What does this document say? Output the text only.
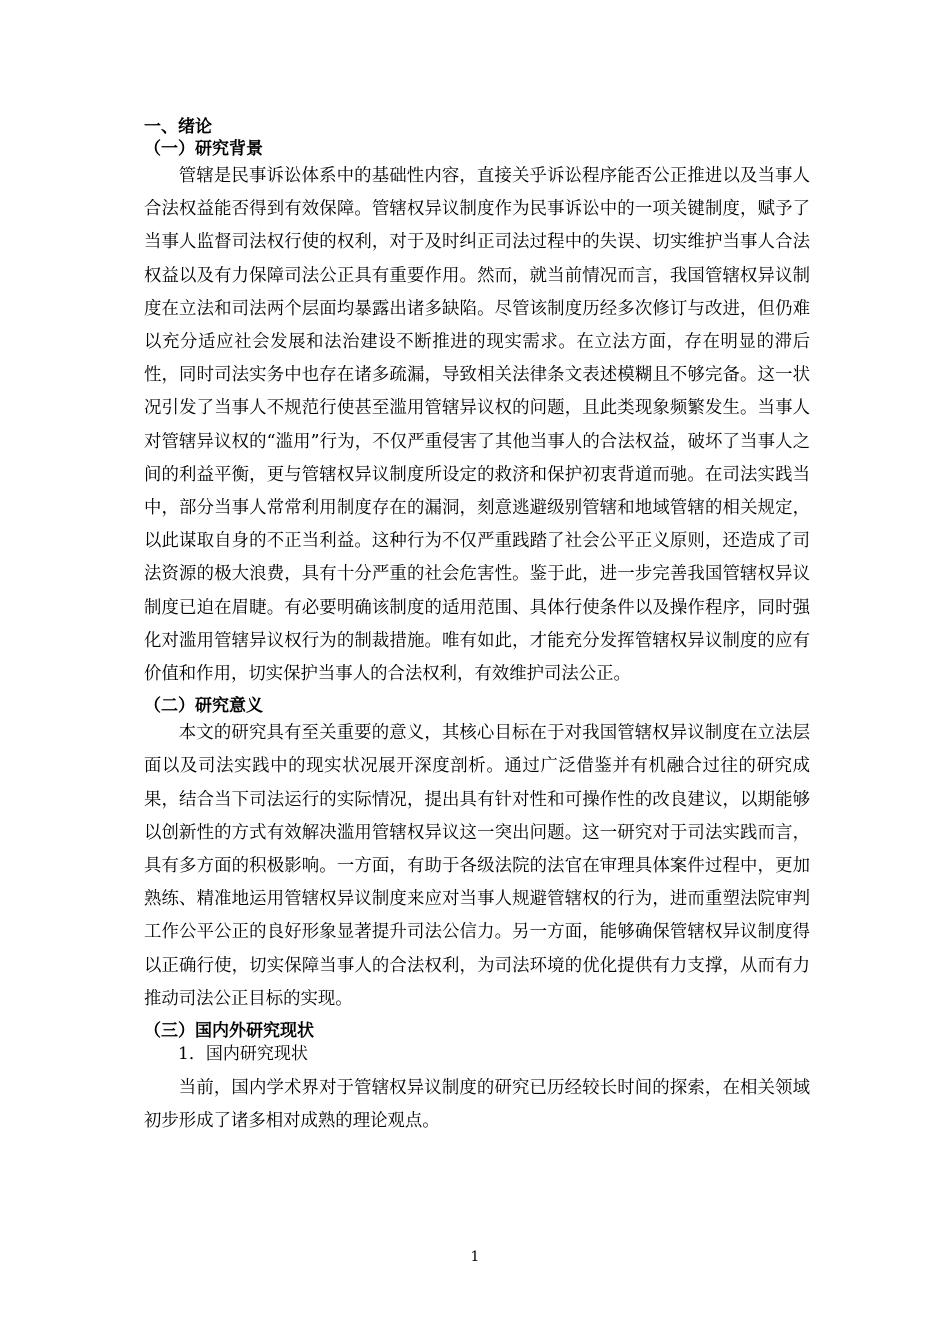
一、绪论
（一）研究背景

管辖是民事诉讼体系中的基础性内容，直接关乎诉讼程序能否公正推进以及当事人合法权益能否得到有效保障。管辖权异议制度作为民事诉讼中的一项关键制度，赋予了当事人监督司法权行使的权利，对于及时纠正司法过程中的失误、切实维护当事人合法权益以及有力保障司法公正具有重要作用。然而，就当前情况而言，我国管辖权异议制度在立法和司法两个层面均暴露出诸多缺陷。尽管该制度历经多次修订与改进，但仍难以充分适应社会发展和法治建设不断推进的现实需求。在立法方面，存在明显的滞后性，同时司法实务中也存在诸多疏漏，导致相关法律条文表述模糊且不够完备。这一状况引发了当事人不规范行使甚至滥用管辖异议权的问题，且此类现象频繁发生。当事人对管辖异议权的“滥用”行为，不仅严重侵害了其他当事人的合法权益，破坏了当事人之间的利益平衡，更与管辖权异议制度所设定的救济和保护初衷背道而驰。在司法实践当中，部分当事人常常利用制度存在的漏洞，刻意逃避级别管辖和地域管辖的相关规定，以此谋取自身的不正当利益。这种行为不仅严重践踏了社会公平正义原则，还造成了司法资源的极大浪费，具有十分严重的社会危害性。鉴于此，进一步完善我国管辖权异议制度已迫在眉睫。有必要明确该制度的适用范围、具体行使条件以及操作程序，同时强化对滥用管辖异议权行为的制裁措施。唯有如此，才能充分发挥管辖权异议制度的应有价值和作用，切实保护当事人的合法权利，有效维护司法公正。

（二）研究意义

本文的研究具有至关重要的意义，其核心目标在于对我国管辖权异议制度在立法层面以及司法实践中的现实状况展开深度剖析。通过广泛借鉴并有机融合过往的研究成果，结合当下司法运行的实际情况，提出具有针对性和可操作性的改良建议，以期能够以创新性的方式有效解决滥用管辖权异议这一突出问题。这一研究对于司法实践而言，具有多方面的积极影响。一方面，有助于各级法院的法官在审理具体案件过程中，更加熟练、精准地运用管辖权异议制度来应对当事人规避管辖权的行为，进而重塑法院审判工作公平公正的良好形象显著提升司法公信力。另一方面，能够确保管辖权异议制度得以正确行使，切实保障当事人的合法权利，为司法环境的优化提供有力支撑，从而有力推动司法公正目标的实现。

（三）国内外研究现状
1．国内研究现状

当前，国内学术界对于管辖权异议制度的研究已历经较长时间的探索，在相关领域初步形成了诸多相对成熟的理论观点。

1
